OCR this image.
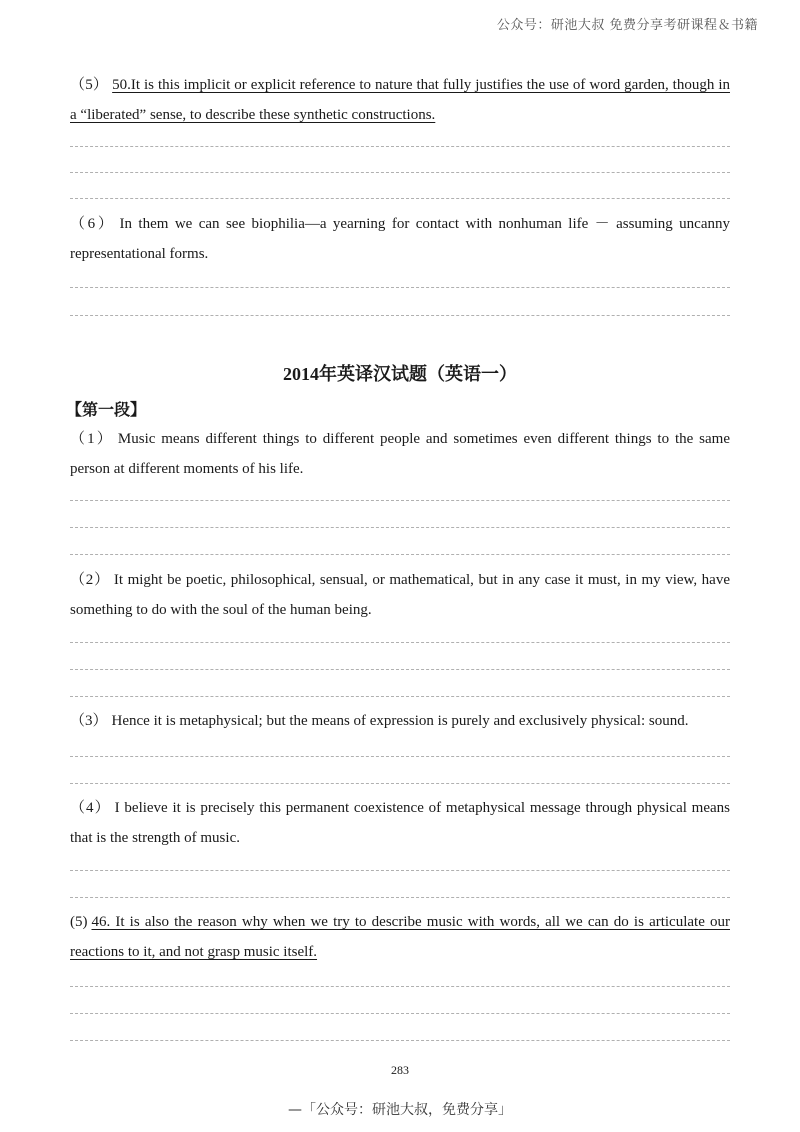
公众号：研池大叔 免费分享考研课程＆书籍
（5） 50.It is this implicit or explicit reference to nature that fully justifies the use of word garden, though in a “liberated” sense, to describe these synthetic constructions.
（6） In them we can see biophilia—a yearning for contact with nonhuman life － assuming uncanny representational forms.
2014年英译汉试题（英语一）
【第一段】
（1） Music means different things to different people and sometimes even different things to the same person at different moments of his life.
（2） It might be poetic, philosophical, sensual, or mathematical, but in any case it must, in my view, have something to do with the soul of the human being.
（3） Hence it is metaphysical; but the means of expression is purely and exclusively physical: sound.
（4） I believe it is precisely this permanent coexistence of metaphysical message through physical means that is the strength of music.
(5) 46. It is also the reason why when we try to describe music with words, all we can do is articulate our reactions to it, and not grasp music itself.
283
—「公众号：研池大叔，免费分享」
